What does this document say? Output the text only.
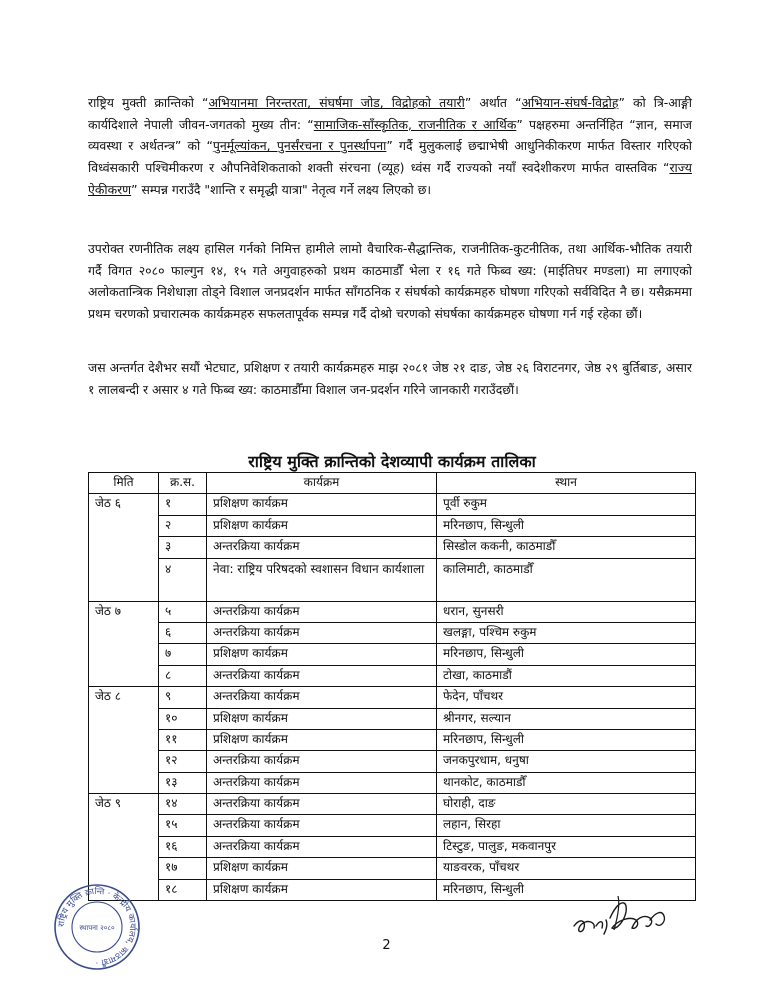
राष्ट्रिय मुक्ती क्रान्तिको “अभियानमा निरन्तरता, संघर्षमा जोड, विद्रोहको तयारी” अर्थात “अभियान-संघर्ष-विद्रोह” को त्रि-आङ्गी कार्यदिशाले नेपाली जीवन-जगतको मुख्य तीन: “सामाजिक-साँस्कृतिक, राजनीतिक र आर्थिक” पक्षहरुमा अन्तर्निहित “ज्ञान, समाज व्यवस्था र अर्थतन्त्र” को “पुनर्मूल्यांकन, पुनर्संरचना र पुनर्स्थापना” गर्दै मुलुकलाई छद्माभेषी आधुनिकीकरण मार्फत विस्तार गरिएको विध्वंसकारी पश्चिमीकरण र औपनिवेशिकताको शक्ती संरचना (व्यूह) ध्वंस गर्दै राज्यको नयाँ स्वदेशीकरण मार्फत वास्तविक “राज्य ऐकीकरण” सम्पन्न गराउँदै "शान्ति र समृद्धी यात्रा" नेतृत्व गर्ने लक्ष्य लिएको छ।

उपरोक्त रणनीतिक लक्ष्य हासिल गर्नको निमित्त हामीले लामो वैचारिक-सैद्धान्तिक, राजनीतिक-कुटनीतिक, तथा आर्थिक-भौतिक तयारी गर्दै विगत २०८० फाल्गुन १४, १५ गते अगुवाहरुको प्रथम काठमाडौँ भेला र १६ गते फिब्व ख्य: (माईतिघर मण्डला) मा लगाएको अलोकतान्त्रिक निशेधाज्ञा तोड्ने विशाल जनप्रदर्शन मार्फत साँगठनिक र संघर्षको कार्यक्रमहरु घोषणा गरिएको सर्वविदित नै छ। यसैक्रममा प्रथम चरणको प्रचारात्मक कार्यक्रमहरु सफलतापूर्वक सम्पन्न गर्दै दोश्रो चरणको संघर्षका कार्यक्रमहरु घोषणा गर्न गई रहेका छौं।

जस अन्तर्गत देशैभर सयौं भेटघाट, प्रशिक्षण र तयारी कार्यक्रमहरु माझ २०८१ जेष्ठ २१ दाङ, जेष्ठ २६ विराटनगर, जेष्ठ २९ बुर्तिबाङ, असार १ लालबन्दी र असार ४ गते फिब्व ख्य: काठमाडौँमा विशाल जन-प्रदर्शन गरिने जानकारी गराउँदछौं।

राष्ट्रिय मुक्ति क्रान्तिको देशव्यापी कार्यक्रम तालिका
मिति	क्र.स.	कार्यक्रम	स्थान
जेठ ६	१	प्रशिक्षण कार्यक्रम	पूर्वी रुकुम
	२	प्रशिक्षण कार्यक्रम	मरिनछाप, सिन्धुली
	३	अन्तरक्रिया कार्यक्रम	सिस्डोल ककनी, काठमाडौँ
	४	नेवा: राष्ट्रिय परिषदको स्वशासन विधान कार्यशाला	कालिमाटी, काठमाडौँ
जेठ ७	५	अन्तरक्रिया कार्यक्रम	धरान, सुनसरी
	६	अन्तरक्रिया कार्यक्रम	खलङ्गा, पश्चिम रुकुम
	७	प्रशिक्षण कार्यक्रम	मरिनछाप, सिन्धुली
	८	अन्तरक्रिया कार्यक्रम	टोखा, काठमाडौं
जेठ ८	९	अन्तरक्रिया कार्यक्रम	फेदेन, पाँचथर
	१०	प्रशिक्षण कार्यक्रम	श्रीनगर, सल्यान
	११	प्रशिक्षण कार्यक्रम	मरिनछाप, सिन्धुली
	१२	अन्तरक्रिया कार्यक्रम	जनकपुरधाम, धनुषा
	१३	अन्तरक्रिया कार्यक्रम	थानकोट, काठमाडौँ
जेठ ९	१४	अन्तरक्रिया कार्यक्रम	घोराही, दाङ
	१५	अन्तरक्रिया कार्यक्रम	लहान, सिरहा
	१६	अन्तरक्रिया कार्यक्रम	टिस्टुङ, पालुङ, मकवानपुर
	१७	प्रशिक्षण कार्यक्रम	याङवरक, पाँचथर
	१८	प्रशिक्षण कार्यक्रम	मरिनछाप, सिन्धुली
राष्ट्रिय मुक्ति क्रान्ति · केन्द्रीय कार्यालय, काठमाडौं ·
स्थापना २०८०

2
